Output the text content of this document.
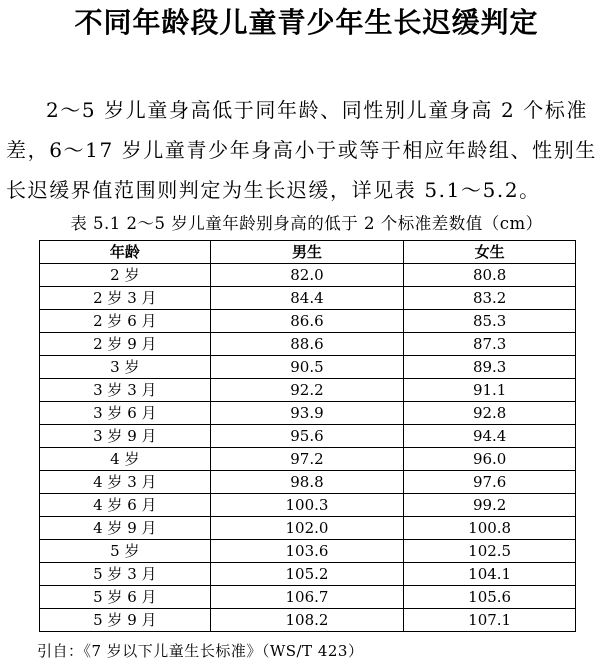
不同年龄段儿童青少年生长迟缓判定
2～5 岁儿童身高低于同年龄、同性别儿童身高 2 个标准差，6～17 岁儿童青少年身高小于或等于相应年龄组、性别生长迟缓界值范围则判定为生长迟缓，详见表 5.1～5.2。
表 5.1 2～5 岁儿童年龄别身高的低于 2 个标准差数值（cm）
年龄	男生	女生
2 岁	82.0	80.8
2 岁 3 月	84.4	83.2
2 岁 6 月	86.6	85.3
2 岁 9 月	88.6	87.3
3 岁	90.5	89.3
3 岁 3 月	92.2	91.1
3 岁 6 月	93.9	92.8
3 岁 9 月	95.6	94.4
4 岁	97.2	96.0
4 岁 3 月	98.8	97.6
4 岁 6 月	100.3	99.2
4 岁 9 月	102.0	100.8
5 岁	103.6	102.5
5 岁 3 月	105.2	104.1
5 岁 6 月	106.7	105.6
5 岁 9 月	108.2	107.1
引自：《7 岁以下儿童生长标准》（WS/T 423）
